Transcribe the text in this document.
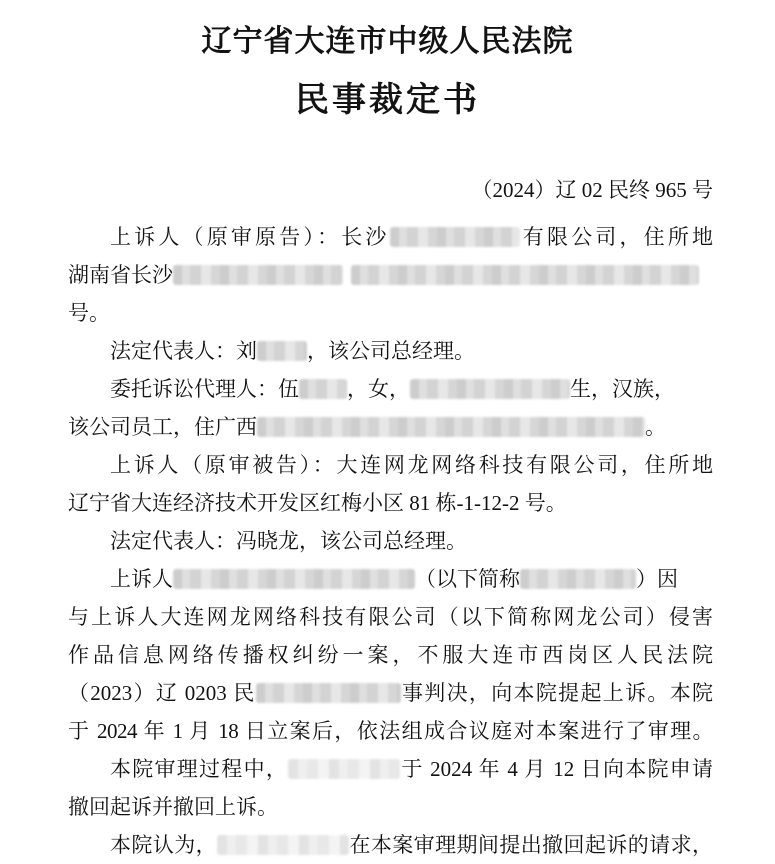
辽宁省大连市中级人民法院
民事裁定书
（2024）辽 02 民终 965 号
上诉人（原审原告）：长沙	有限公司，住所地
湖南省长沙
号。
法定代表人：刘 ，该公司总经理。
委托诉讼代理人：伍 ，女，	生，汉族，
该公司员工，住广西	。
上诉人（原审被告）：大连网龙网络科技有限公司，住所地
辽宁省大连经济技术开发区红梅小区 81 栋-1-12-2 号。
法定代表人：冯晓龙，该公司总经理。
上诉人	（以下简称	）因
与上诉人大连网龙网络科技有限公司（以下简称网龙公司）侵害
作品信息网络传播权纠纷一案，不服大连市西岗区人民法院
（2023）辽 0203 民	事判决，向本院提起上诉。本院
于 2024 年 1 月 18 日立案后，依法组成合议庭对本案进行了审理。
本院审理过程中，	于 2024 年 4 月 12 日向本院申请
撤回起诉并撤回上诉。
本院认为，	在本案审理期间提出撤回起诉的请求，
